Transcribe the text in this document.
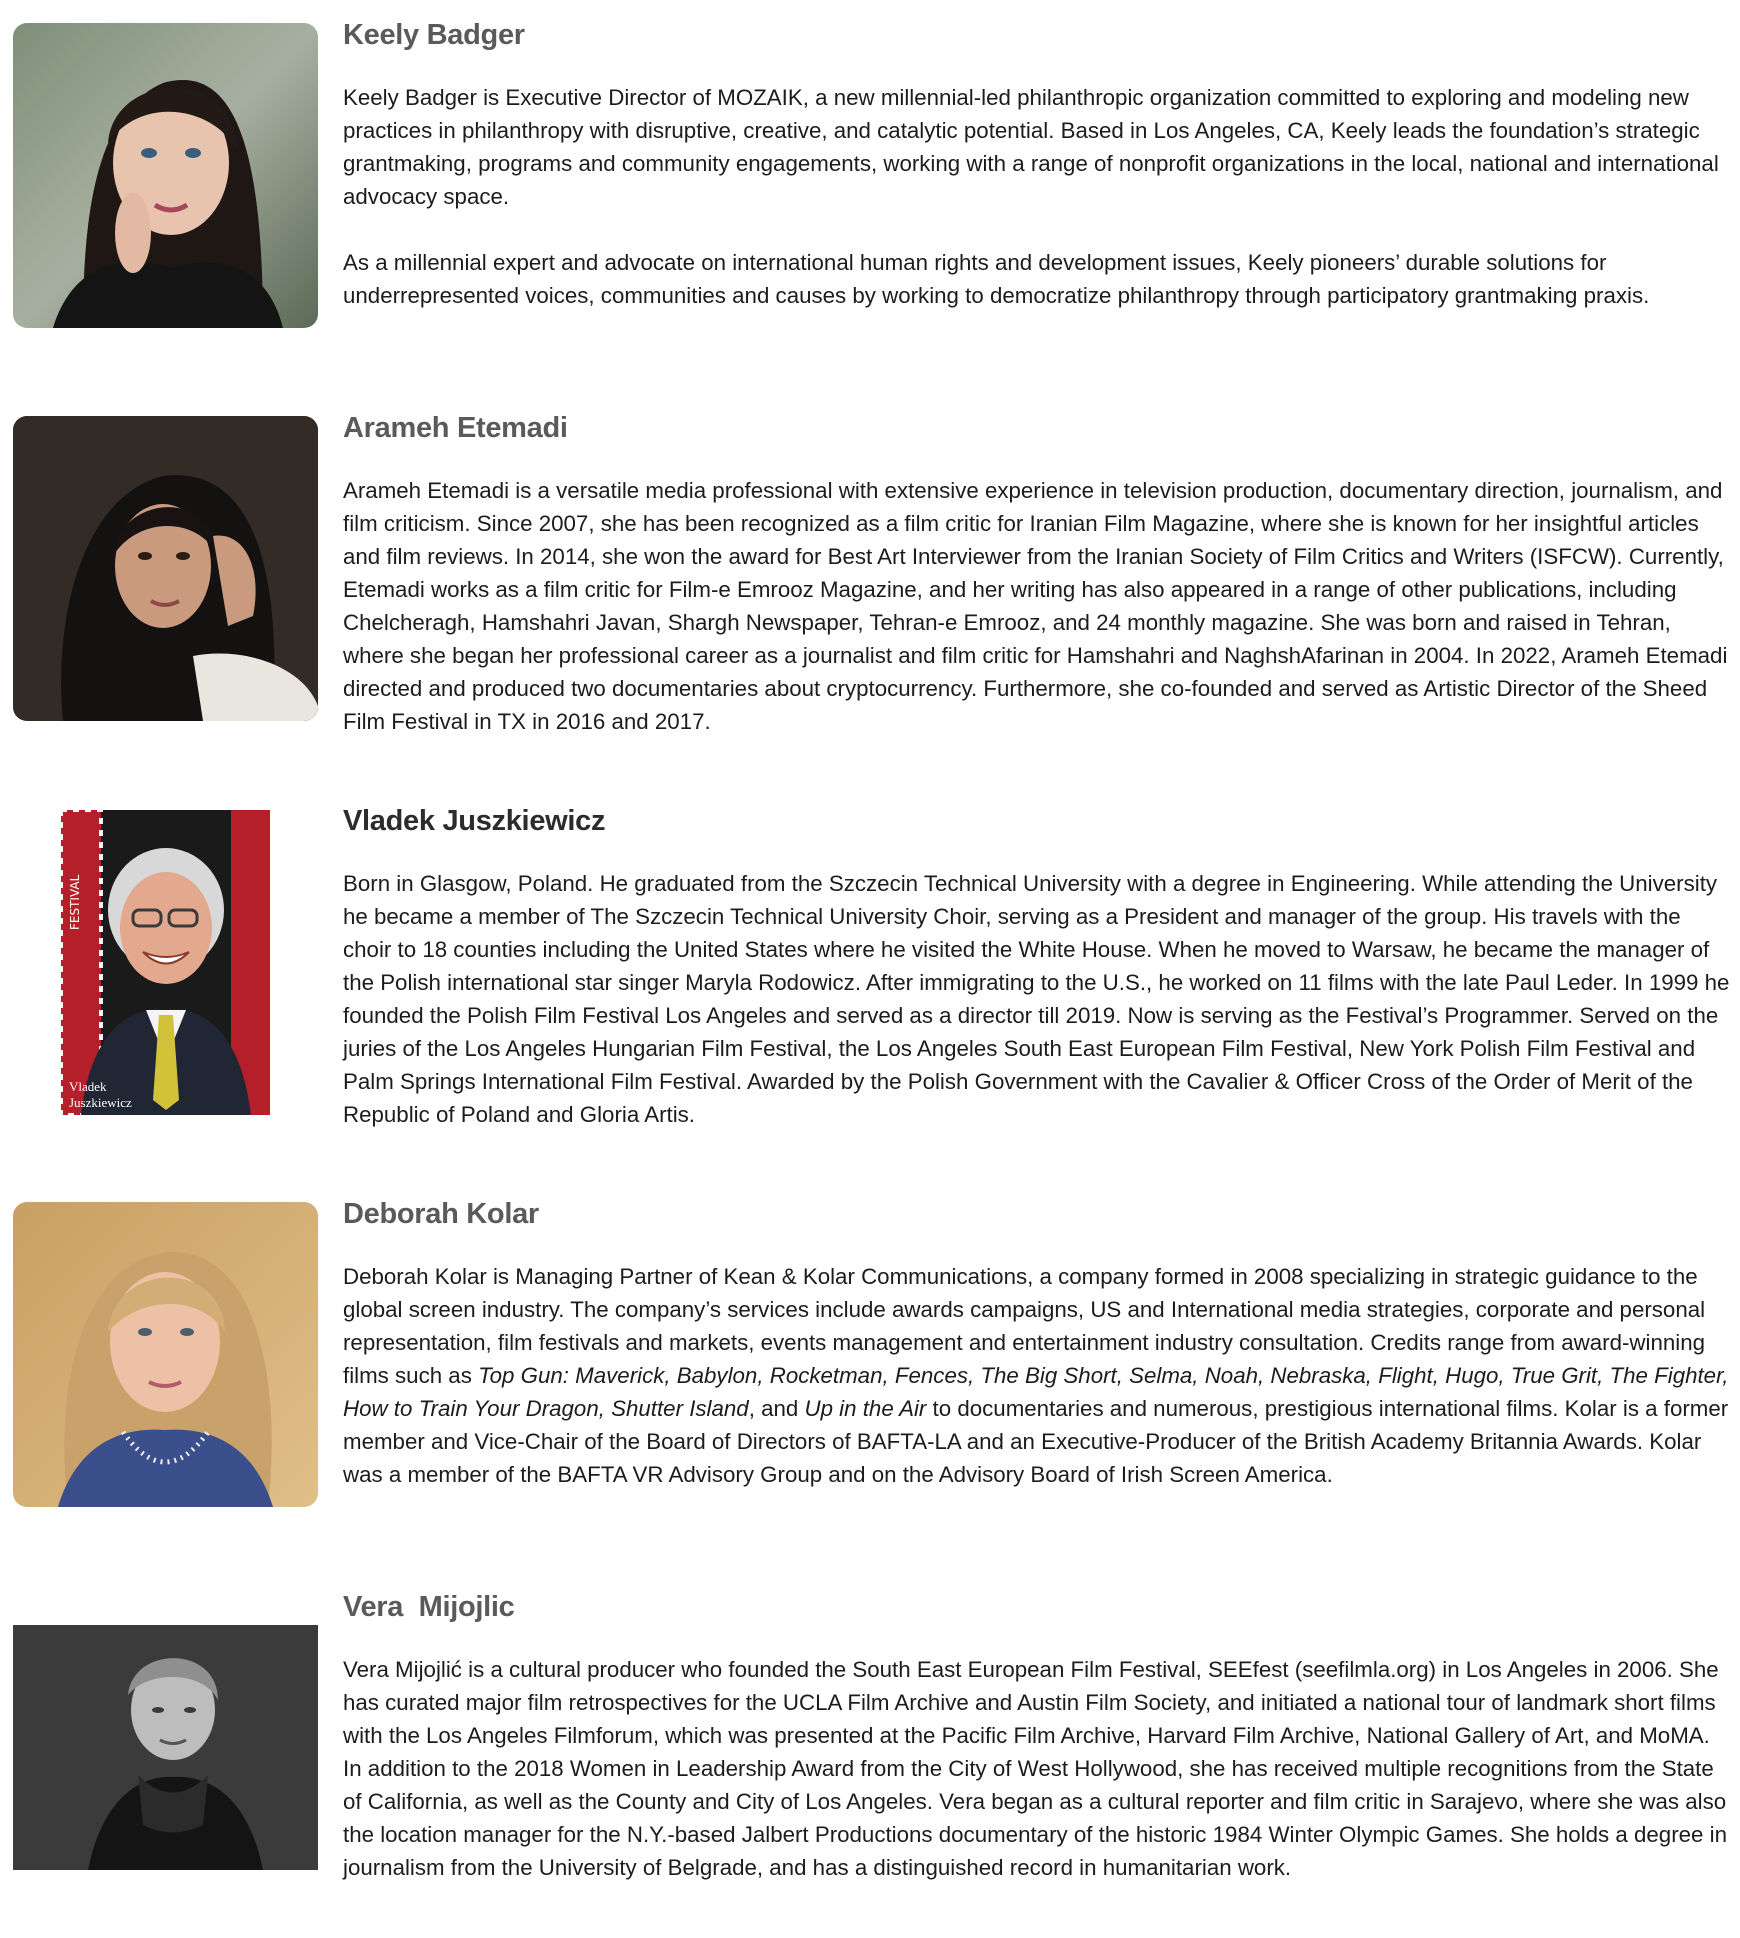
Keely Badger

Keely Badger is Executive Director of MOZAIK, a new millennial-led philanthropic organization committed to exploring and modeling new practices in philanthropy with disruptive, creative, and catalytic potential. Based in Los Angeles, CA, Keely leads the foundation’s strategic grantmaking, programs and community engagements, working with a range of nonprofit organizations in the local, national and international advocacy space.

As a millennial expert and advocate on international human rights and development issues, Keely pioneers’ durable solutions for underrepresented voices, communities and causes by working to democratize philanthropy through participatory grantmaking praxis.

Arameh Etemadi

Arameh Etemadi is a versatile media professional with extensive experience in television production, documentary direction, journalism, and film criticism. Since 2007, she has been recognized as a film critic for Iranian Film Magazine, where she is known for her insightful articles and film reviews. In 2014, she won the award for Best Art Interviewer from the Iranian Society of Film Critics and Writers (ISFCW). Currently, Etemadi works as a film critic for Film-e Emrooz Magazine, and her writing has also appeared in a range of other publications, including Chelcheragh, Hamshahri Javan, Shargh Newspaper, Tehran-e Emrooz, and 24 monthly magazine. She was born and raised in Tehran, where she began her professional career as a journalist and film critic for Hamshahri and NaghshAfarinan in 2004. In 2022, Arameh Etemadi directed and produced two documentaries about cryptocurrency. Furthermore, she co-founded and served as Artistic Director of the Sheed Film Festival in TX in 2016 and 2017.

FESTIVAL
Vladek
Juszkiewicz
Vladek Juszkiewicz

Born in Glasgow, Poland. He graduated from the Szczecin Technical University with a degree in Engineering. While attending the University he became a member of The Szczecin Technical University Choir, serving as a President and manager of the group. His travels with the choir to 18 counties including the United States where he visited the White House. When he moved to Warsaw, he became the manager of the Polish international star singer Maryla Rodowicz. After immigrating to the U.S., he worked on 11 films with the late Paul Leder. In 1999 he founded the Polish Film Festival Los Angeles and served as a director till 2019. Now is serving as the Festival’s Programmer. Served on the juries of the Los Angeles Hungarian Film Festival, the Los Angeles South East European Film Festival, New York Polish Film Festival and Palm Springs International Film Festival. Awarded by the Polish Government with the Cavalier & Officer Cross of the Order of Merit of the Republic of Poland and Gloria Artis.

Deborah Kolar

Deborah Kolar is Managing Partner of Kean & Kolar Communications, a company formed in 2008 specializing in strategic guidance to the global screen industry. The company’s services include awards campaigns, US and International media strategies, corporate and personal representation, film festivals and markets, events management and entertainment industry consultation. Credits range from award-winning films such as Top Gun: Maverick, Babylon, Rocketman, Fences, The Big Short, Selma, Noah, Nebraska, Flight, Hugo, True Grit, The Fighter, How to Train Your Dragon, Shutter Island, and Up in the Air to documentaries and numerous, prestigious international films. Kolar is a former member and Vice-Chair of the Board of Directors of BAFTA-LA and an Executive-Producer of the British Academy Britannia Awards. Kolar was a member of the BAFTA VR Advisory Group and on the Advisory Board of Irish Screen America.

Vera  Mijojlic

Vera Mijojlić is a cultural producer who founded the South East European Film Festival, SEEfest (seefilmla.org) in Los Angeles in 2006. She has curated major film retrospectives for the UCLA Film Archive and Austin Film Society, and initiated a national tour of landmark short films with the Los Angeles Filmforum, which was presented at the Pacific Film Archive, Harvard Film Archive, National Gallery of Art, and MoMA. In addition to the 2018 Women in Leadership Award from the City of West Hollywood, she has received multiple recognitions from the State of California, as well as the County and City of Los Angeles. Vera began as a cultural reporter and film critic in Sarajevo, where she was also the location manager for the N.Y.-based Jalbert Productions documentary of the historic 1984 Winter Olympic Games. She holds a degree in journalism from the University of Belgrade, and has a distinguished record in humanitarian work.
